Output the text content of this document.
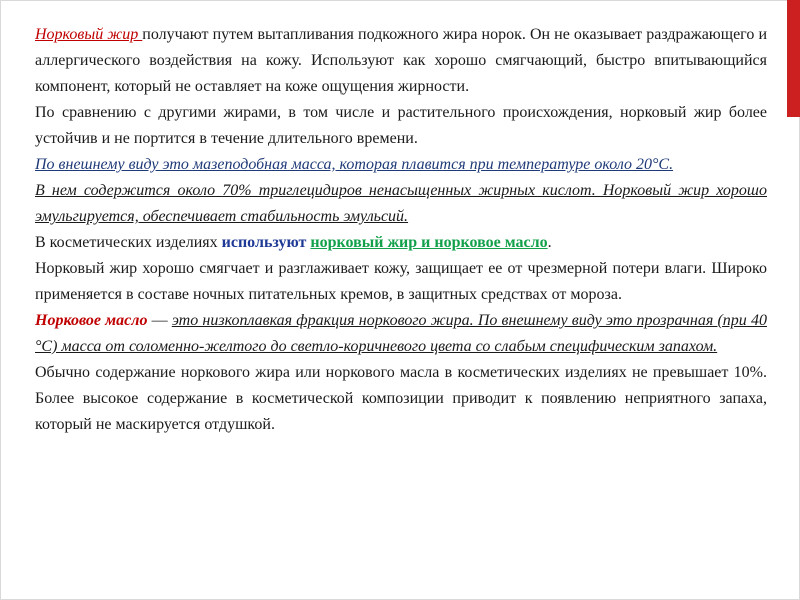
Норковый жир получают путем вытапливания подкожного жира норок. Он не оказывает раздражающего и аллергического воздействия на кожу. Используют как хорошо смягчающий, быстро впитывающийся компонент, который не оставляет на коже ощущения жирности.

По сравнению с другими жирами, в том числе и растительного происхождения, норковый жир более устойчив и не портится в течение длительного времени.

По внешнему виду это мазеподобная масса, которая плавится при температуре около 20°С.

В нем содержится около 70% триглецидиров ненасыщенных жирных кислот. Норковый жир хорошо эмульгируется, обеспечивает стабильность эмульсий.

В косметических изделиях используют норковый жир и норковое масло.

Норковый жир хорошо смягчает и разглаживает кожу, защищает ее от чрезмерной потери влаги. Широко применяется в составе ночных питательных кремов, в защитных средствах от мороза.

Норковое масло — это низкоплавкая фракция норкового жира. По внешнему виду это прозрачная (при 40 °С) масса от соломенно-желтого до светло-коричневого цвета со слабым специфическим запахом.

Обычно содержание норкового жира или норкового масла в косметических изделиях не превышает 10%. Более высокое содержание в косметической композиции приводит к появлению неприятного запаха, который не маскируется отдушкой.
